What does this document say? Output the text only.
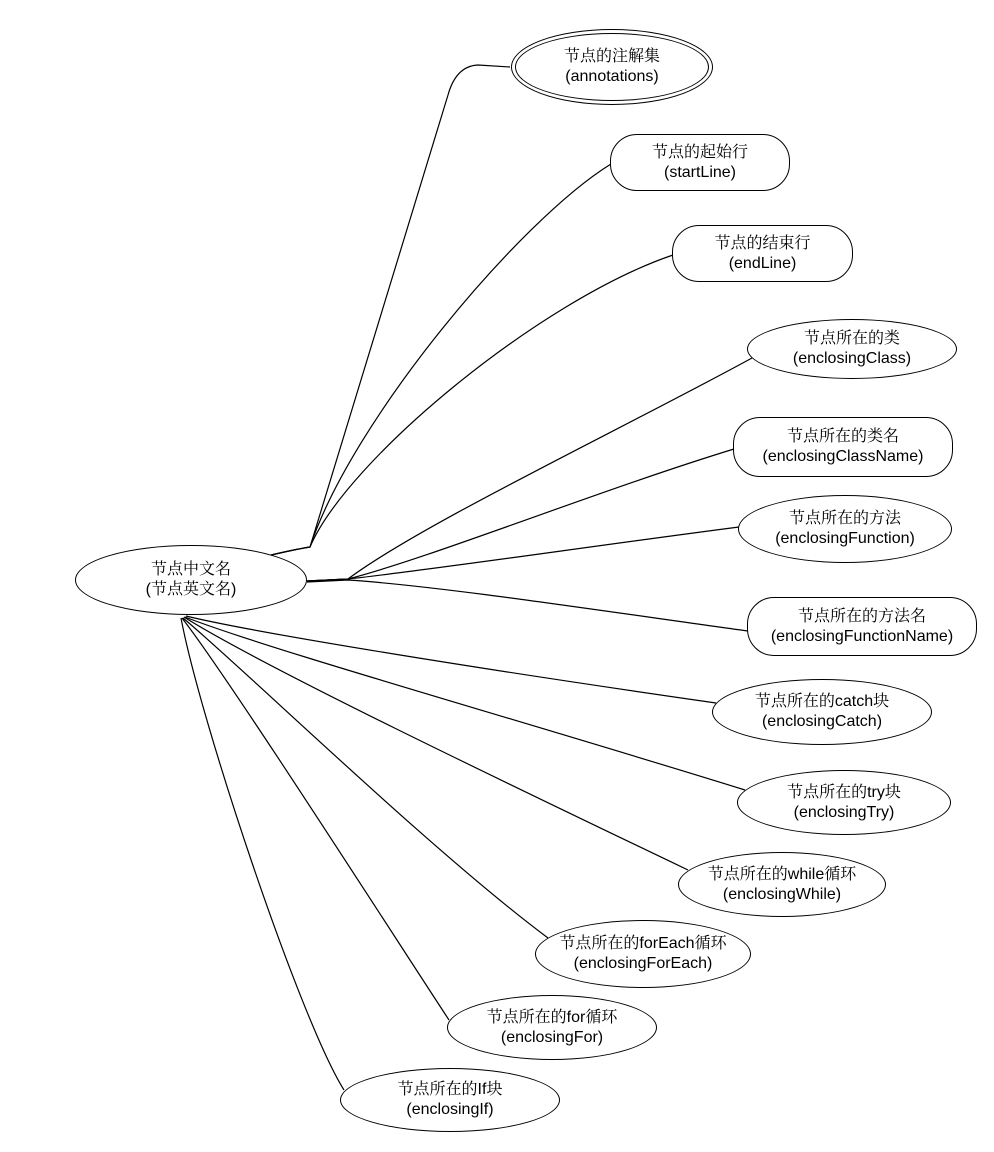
节点中文名
(节点英文名)
节点的注解集
(annotations)
节点的起始行
(startLine)
节点的结束行
(endLine)
节点所在的类
(enclosingClass)
节点所在的类名
(enclosingClassName)
节点所在的方法
(enclosingFunction)
节点所在的方法名
(enclosingFunctionName)
节点所在的catch块
(enclosingCatch)
节点所在的try块
(enclosingTry)
节点所在的while循环
(enclosingWhile)
节点所在的forEach循环
(enclosingForEach)
节点所在的for循环
(enclosingFor)
节点所在的If块
(enclosingIf)
